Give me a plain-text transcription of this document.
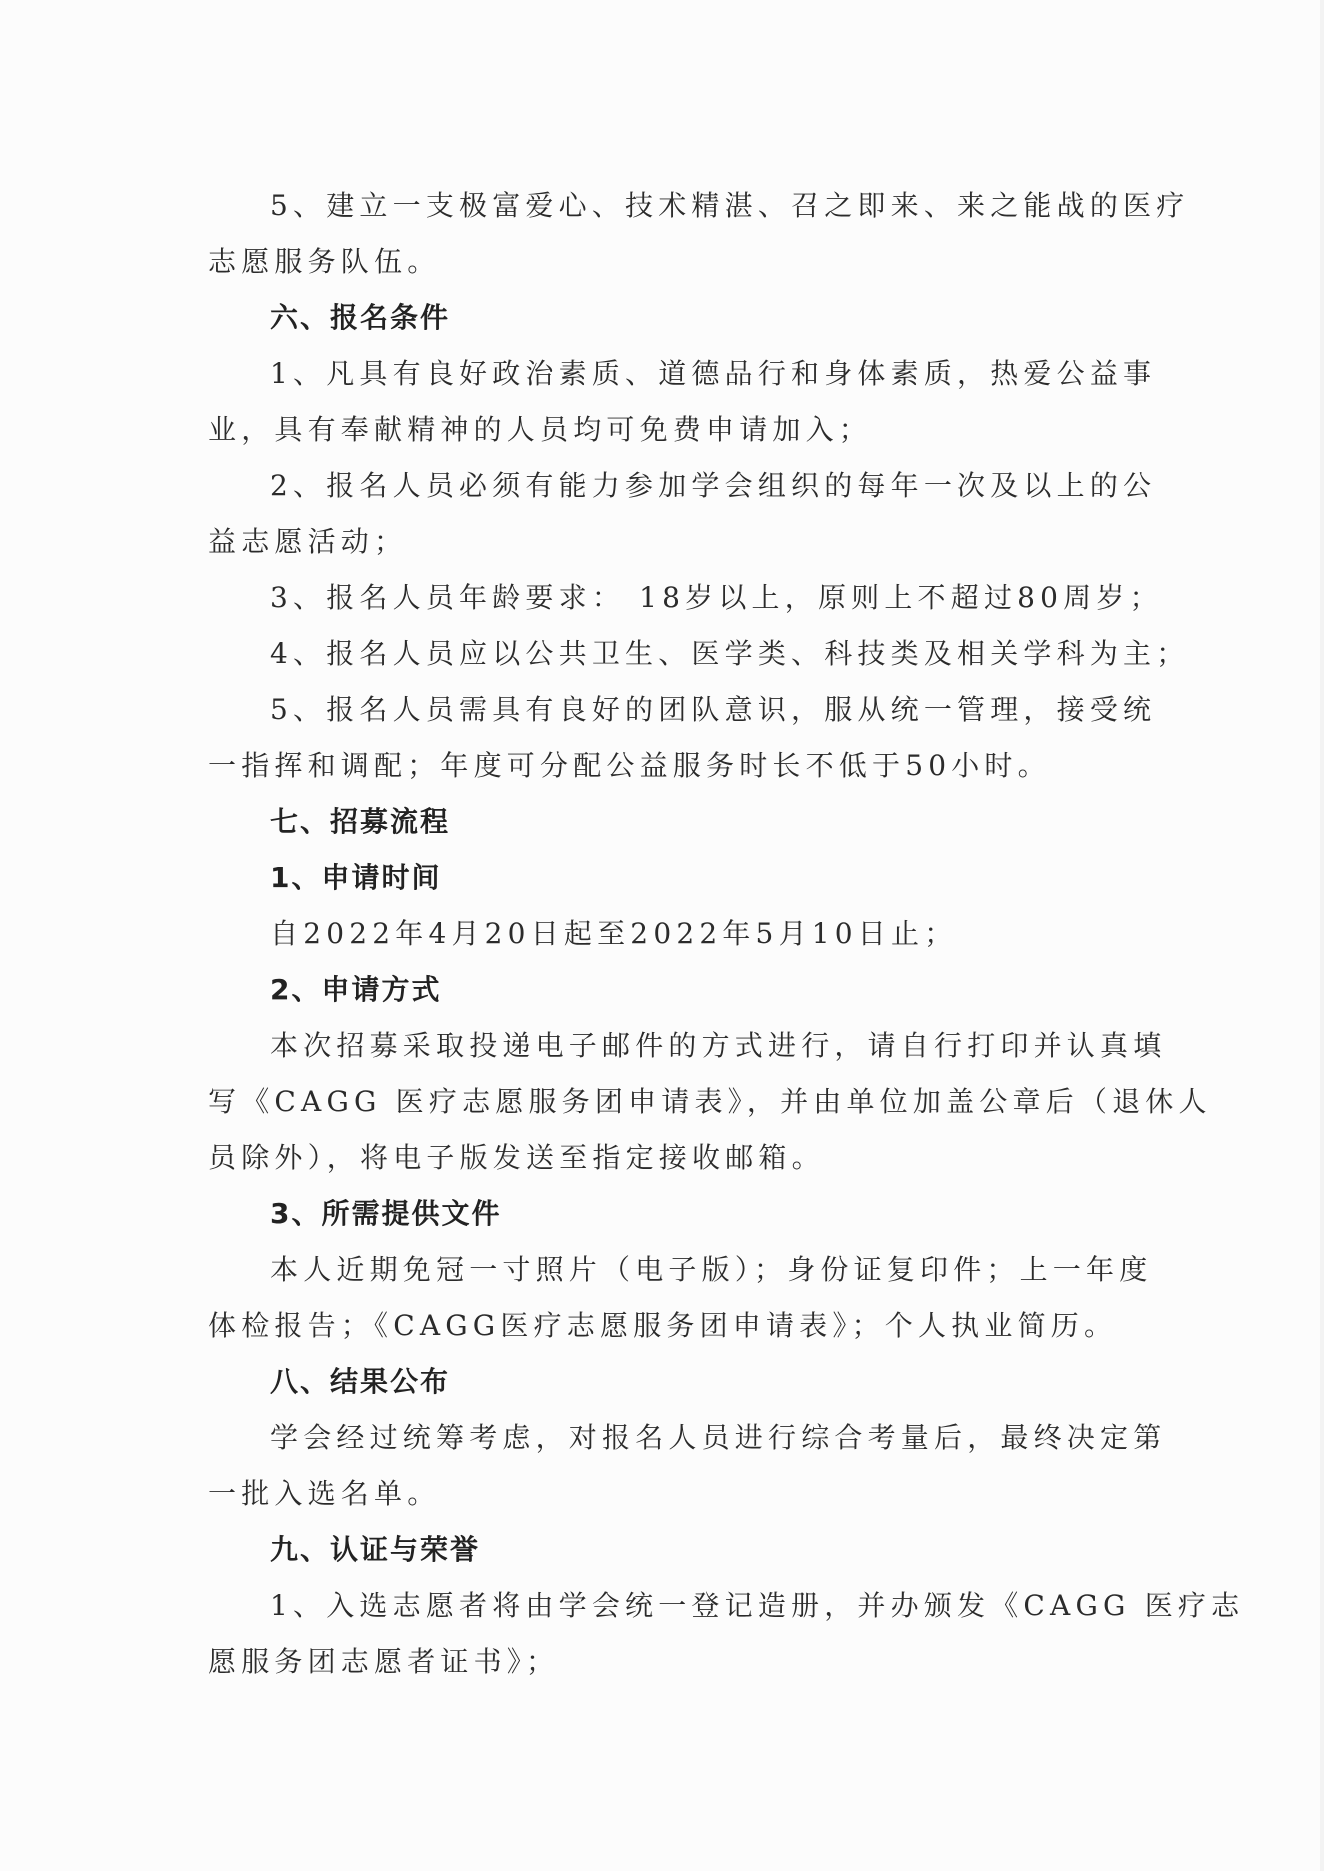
5、建立一支极富爱心、技术精湛、召之即来、来之能战的医疗
志愿服务队伍。
六、报名条件
1、凡具有良好政治素质、道德品行和身体素质，热爱公益事
业，具有奉献精神的人员均可免费申请加入；
2、报名人员必须有能力参加学会组织的每年一次及以上的公
益志愿活动；
3、报名人员年龄要求： 18岁以上，原则上不超过80周岁；
4、报名人员应以公共卫生、医学类、科技类及相关学科为主；
5、报名人员需具有良好的团队意识，服从统一管理，接受统
一指挥和调配；年度可分配公益服务时长不低于50小时。
七、招募流程
1、申请时间
自2022年4月20日起至2022年5月10日止；
2、申请方式
本次招募采取投递电子邮件的方式进行，请自行打印并认真填
写《CAGG 医疗志愿服务团申请表》，并由单位加盖公章后（退休人
员除外），将电子版发送至指定接收邮箱。
3、所需提供文件
本人近期免冠一寸照片（电子版）；身份证复印件；上一年度
体检报告；《CAGG医疗志愿服务团申请表》；个人执业简历。
八、结果公布
学会经过统筹考虑，对报名人员进行综合考量后，最终决定第
一批入选名单。
九、认证与荣誉
1、入选志愿者将由学会统一登记造册，并办颁发《CAGG 医疗志
愿服务团志愿者证书》；
